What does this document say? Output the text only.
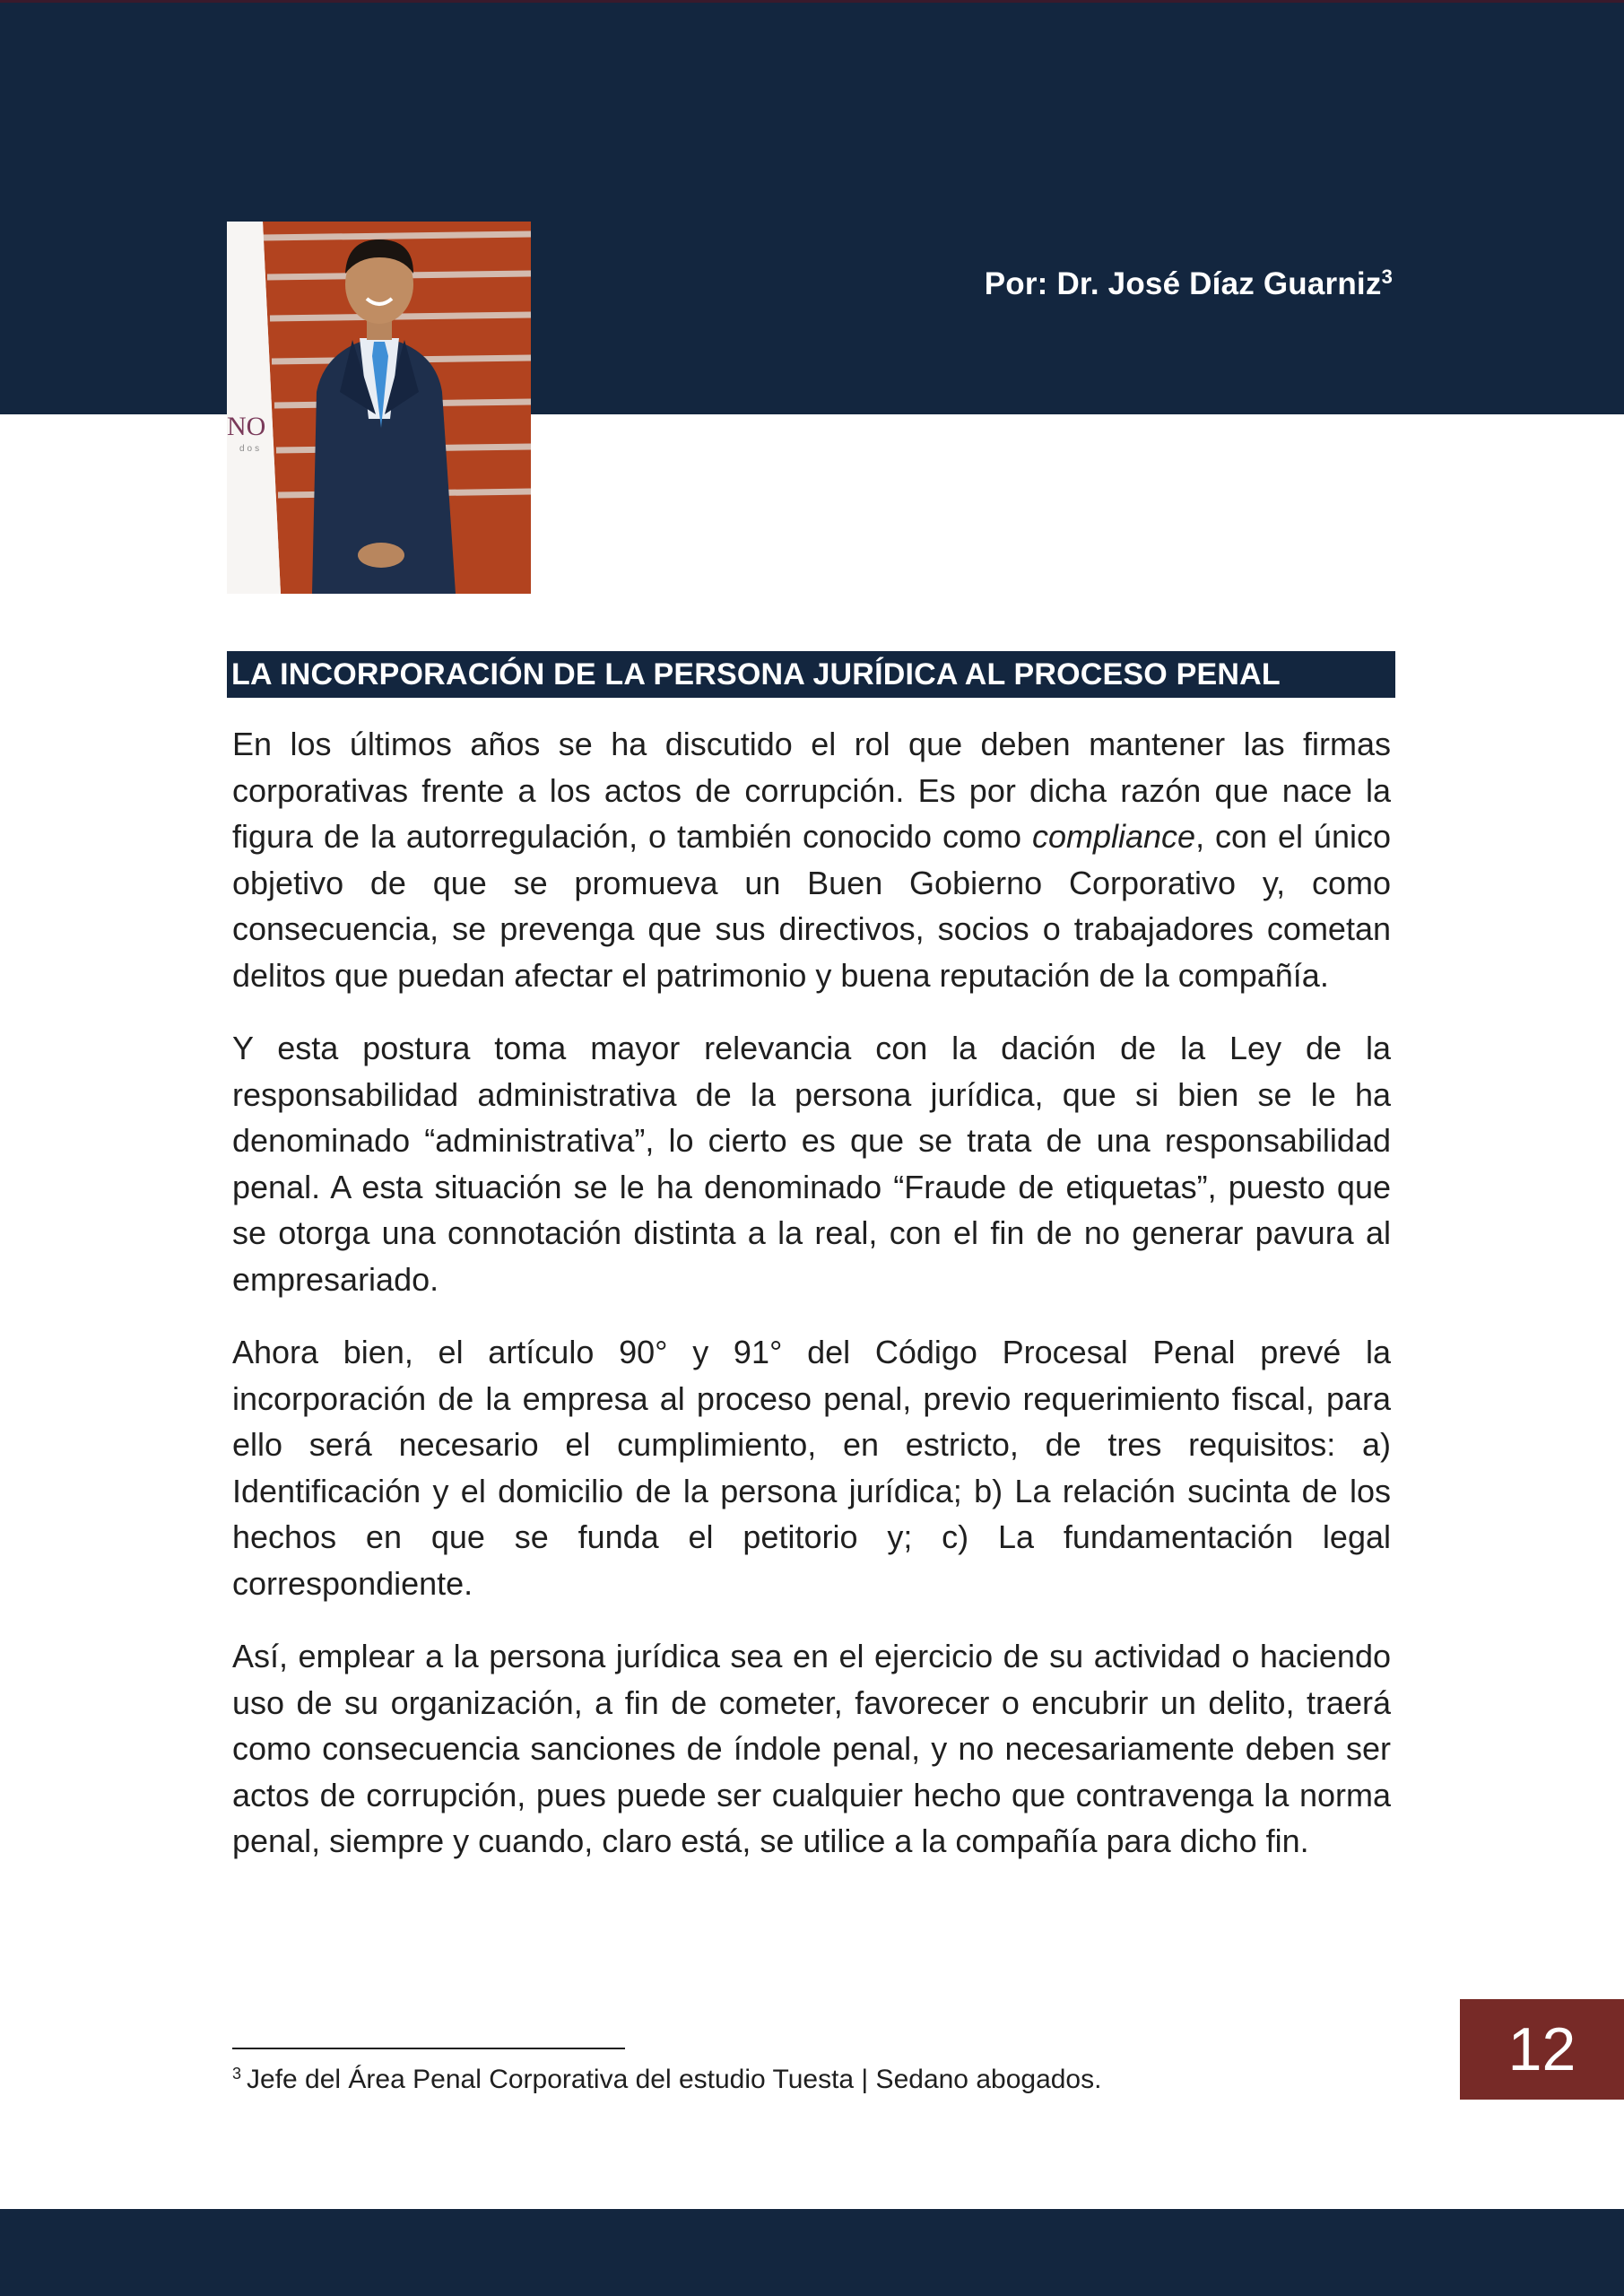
Por: Dr. José Díaz Guarniz$^3$
NO
dos
LA INCORPORACIÓN DE LA PERSONA JURÍDICA AL PROCESO PENAL

En los últimos años se ha discutido el rol que deben mantener las firmas corporativas frente a los actos de corrupción. Es por dicha razón que nace la figura de la autorregulación, o también conocido como compliance, con el único objetivo de que se promueva un Buen Gobierno Corporativo y, como consecuencia, se prevenga que sus directivos, socios o trabajadores cometan delitos que puedan afectar el patrimonio y buena reputación de la compañía.

Y esta postura toma mayor relevancia con la dación de la Ley de la responsabilidad administrativa de la persona jurídica, que si bien se le ha denominado “administrativa”, lo cierto es que se trata de una responsabilidad penal. A esta situación se le ha denominado “Fraude de etiquetas”, puesto que se otorga una connotación distinta a la real, con el fin de no generar pavura al empresariado.

Ahora bien, el artículo 90° y 91° del Código Procesal Penal prevé la incorporación de la empresa al proceso penal, previo requerimiento fiscal, para ello será necesario el cumplimiento, en estricto, de tres requisitos: a) Identificación y el domicilio de la persona jurídica; b) La relación sucinta de los hechos en que se funda el petitorio y; c) La fundamentación legal correspondiente.

Así, emplear a la persona jurídica sea en el ejercicio de su actividad o haciendo uso de su organización, a fin de cometer, favorecer o encubrir un delito, traerá como consecuencia sanciones de índole penal, y no necesariamente deben ser actos de corrupción, pues puede ser cualquier hecho que contravenga la norma penal, siempre y cuando, claro está, se utilice a la compañía para dicho fin.

$^3$ Jefe del Área Penal Corporativa del estudio Tuesta | Sedano abogados.	12
